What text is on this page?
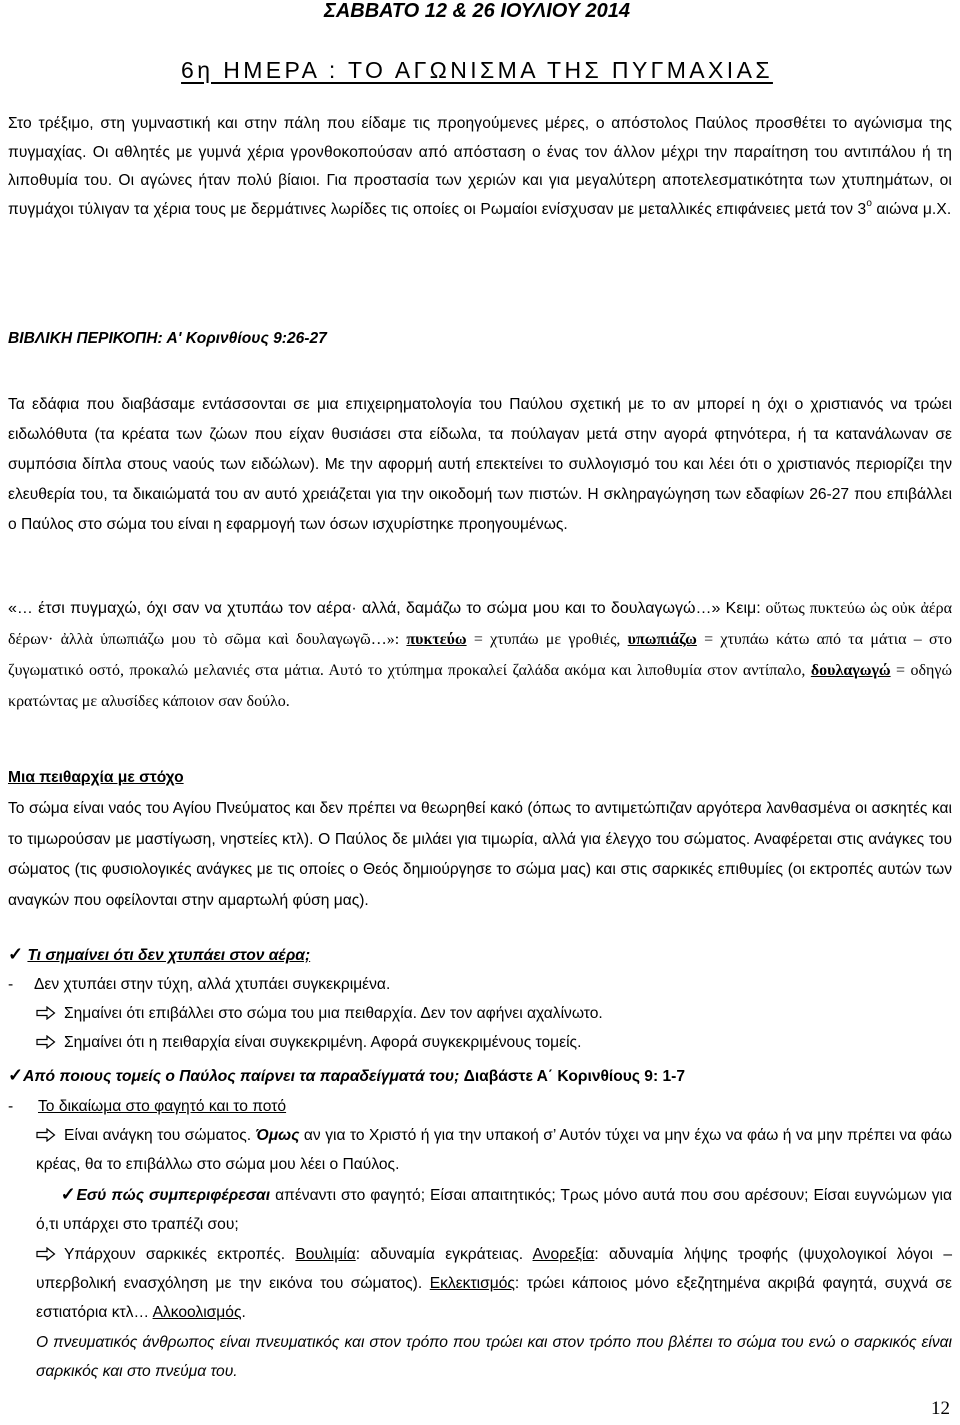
ΣΑΒΒΑΤΟ 12 & 26 ΙΟΥΛΙΟΥ 2014
6η ΗΜΕΡΑ : ΤΟ ΑΓΩΝΙΣΜΑ ΤΗΣ ΠΥΓΜΑΧΙΑΣ
Στο τρέξιμο, στη γυμναστική και στην πάλη που είδαμε τις προηγούμενες μέρες, ο απόστολος Παύλος προσθέτει το αγώνισμα της πυγμαχίας. Οι αθλητές με γυμνά χέρια γρονθοκοπούσαν από απόσταση ο ένας τον άλλον μέχρι την παραίτηση του αντιπάλου ή τη λιποθυμία του. Οι αγώνες ήταν πολύ βίαιοι. Για προστασία των χεριών και για μεγαλύτερη αποτελεσματικότητα των χτυπημάτων, οι πυγμάχοι τύλιγαν τα χέρια τους με δερμάτινες λωρίδες τις οποίες οι Ρωμαίοι ενίσχυσαν με μεταλλικές επιφάνειες μετά τον $3^o$ αιώνα μ.Χ.
ΒΙΒΛΙΚΗ ΠΕΡΙΚΟΠΗ: Α' Κορινθίους 9:26-27
Τα εδάφια που διαβάσαμε εντάσσονται σε μια επιχειρηματολογία του Παύλου σχετική με το αν μπορεί η όχι ο χριστιανός να τρώει ειδωλόθυτα (τα κρέατα των ζώων που είχαν θυσιάσει στα είδωλα, τα πούλαγαν μετά στην αγορά φτηνότερα, ή τα κατανάλωναν σε συμπόσια δίπλα στους ναούς των ειδώλων). Με την αφορμή αυτή επεκτείνει το συλλογισμό του και λέει ότι ο χριστιανός περιορίζει την ελευθερία του, τα δικαιώματά του αν αυτό χρειάζεται για την οικοδομή των πιστών. Η σκληραγώγηση των εδαφίων 26-27 που επιβάλλει ο Παύλος στο σώμα του είναι η εφαρμογή των όσων ισχυρίστηκε προηγουμένως.
«… έτσι πυγμαχώ, όχι σαν να χτυπάω τον αέρα· αλλά, δαμάζω το σώμα μου και το δουλαγωγώ…» Κειμ: οὕτως πυκτεύω ὡς οὐκ ἀέρα δέρων· ἀλλὰ ὑπωπιάζω μου τὸ σῶμα καὶ δουλαγωγῶ…»: πυκτεύω = χτυπάω με γροθιές, υπωπιάζω = χτυπάω κάτω από τα μάτια – στο ζυγωματικό οστό, προκαλώ μελανιές στα μάτια. Αυτό το χτύπημα προκαλεί ζαλάδα ακόμα και λιποθυμία στον αντίπαλο, δουλαγωγώ = οδηγώ κρατώντας με αλυσίδες κάποιον σαν δούλο.
Μια πειθαρχία με στόχο
Το σώμα είναι ναός του Αγίου Πνεύματος και δεν πρέπει να θεωρηθεί κακό (όπως το αντιμετώπιζαν αργότερα λανθασμένα οι ασκητές και το τιμωρούσαν με μαστίγωση, νηστείες κτλ). Ο Παύλος δε μιλάει για τιμωρία, αλλά για έλεγχο του σώματος. Αναφέρεται στις ανάγκες του σώματος (τις φυσιολογικές ανάγκες με τις οποίες ο Θεός δημιούργησε το σώμα μας) και στις σαρκικές επιθυμίες (οι εκτροπές αυτών των αναγκών που οφείλονται στην αμαρτωλή φύση μας).
✓ Τι σημαίνει ότι δεν χτυπάει στον αέρα;
- Δεν χτυπάει στην τύχη, αλλά χτυπάει συγκεκριμένα.
Σημαίνει ότι επιβάλλει στο σώμα του μια πειθαρχία. Δεν τον αφήνει αχαλίνωτο.
Σημαίνει ότι η πειθαρχία είναι συγκεκριμένη. Αφορά συγκεκριμένους τομείς.
✓Από ποιους τομείς ο Παύλος παίρνει τα παραδείγματά του; Διαβάστε Α΄ Κορινθίους 9: 1-7
- Το δικαίωμα στο φαγητό και το ποτό
Είναι ανάγκη του σώματος. Όμως αν για το Χριστό ή για την υπακοή σ’ Αυτόν τύχει να μην έχω να φάω ή να μην πρέπει να φάω κρέας, θα το επιβάλλω στο σώμα μου λέει ο Παύλος.
✓Εσύ πώς συμπεριφέρεσαι απέναντι στο φαγητό; Είσαι απαιτητικός; Τρως μόνο αυτά που σου αρέσουν; Είσαι ευγνώμων για ό,τι υπάρχει στο τραπέζι σου;
Υπάρχουν σαρκικές εκτροπές. Βουλιμία: αδυναμία εγκράτειας. Ανορεξία: αδυναμία λήψης τροφής (ψυχολογικοί λόγοι – υπερβολική ενασχόληση με την εικόνα του σώματος). Εκλεκτισμός: τρώει κάποιος μόνο εξεζητημένα ακριβά φαγητά, συχνά σε εστιατόρια κτλ… Αλκοολισμός.
Ο πνευματικός άνθρωπος είναι πνευματικός και στον τρόπο που τρώει και στον τρόπο που βλέπει το σώμα του ενώ ο σαρκικός είναι σαρκικός και στο πνεύμα του.
12
